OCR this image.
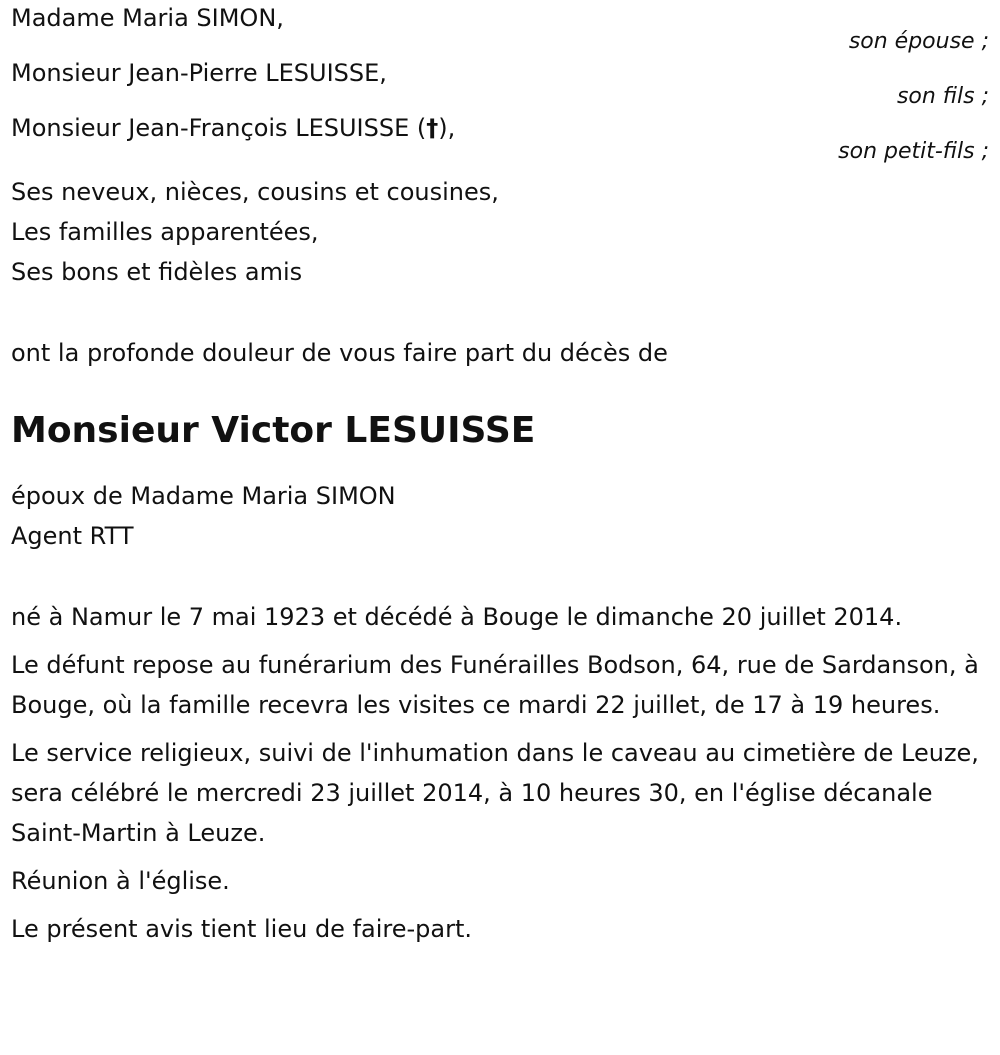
Madame Maria SIMON,
son épouse ;
Monsieur Jean-Pierre LESUISSE,
son fils ;
Monsieur Jean-François LESUISSE (†),
son petit-fils ;
Ses neveux, nièces, cousins et cousines,
Les familles apparentées,
Ses bons et fidèles amis
ont la profonde douleur de vous faire part du décès de
Monsieur Victor LESUISSE
époux de Madame Maria SIMON
Agent RTT

né à Namur le 7 mai 1923 et décédé à Bouge le dimanche 20 juillet 2014.

Le défunt repose au funérarium des Funérailles Bodson, 64, rue de Sardanson, à Bouge, où la famille recevra les visites ce mardi 22 juillet, de 17 à 19 heures.

Le service religieux, suivi de l'inhumation dans le caveau au cimetière de Leuze, sera célébré le mercredi 23 juillet 2014, à 10 heures 30, en l'église décanale Saint-Martin à Leuze.

Réunion à l'église.

Le présent avis tient lieu de faire-part.
